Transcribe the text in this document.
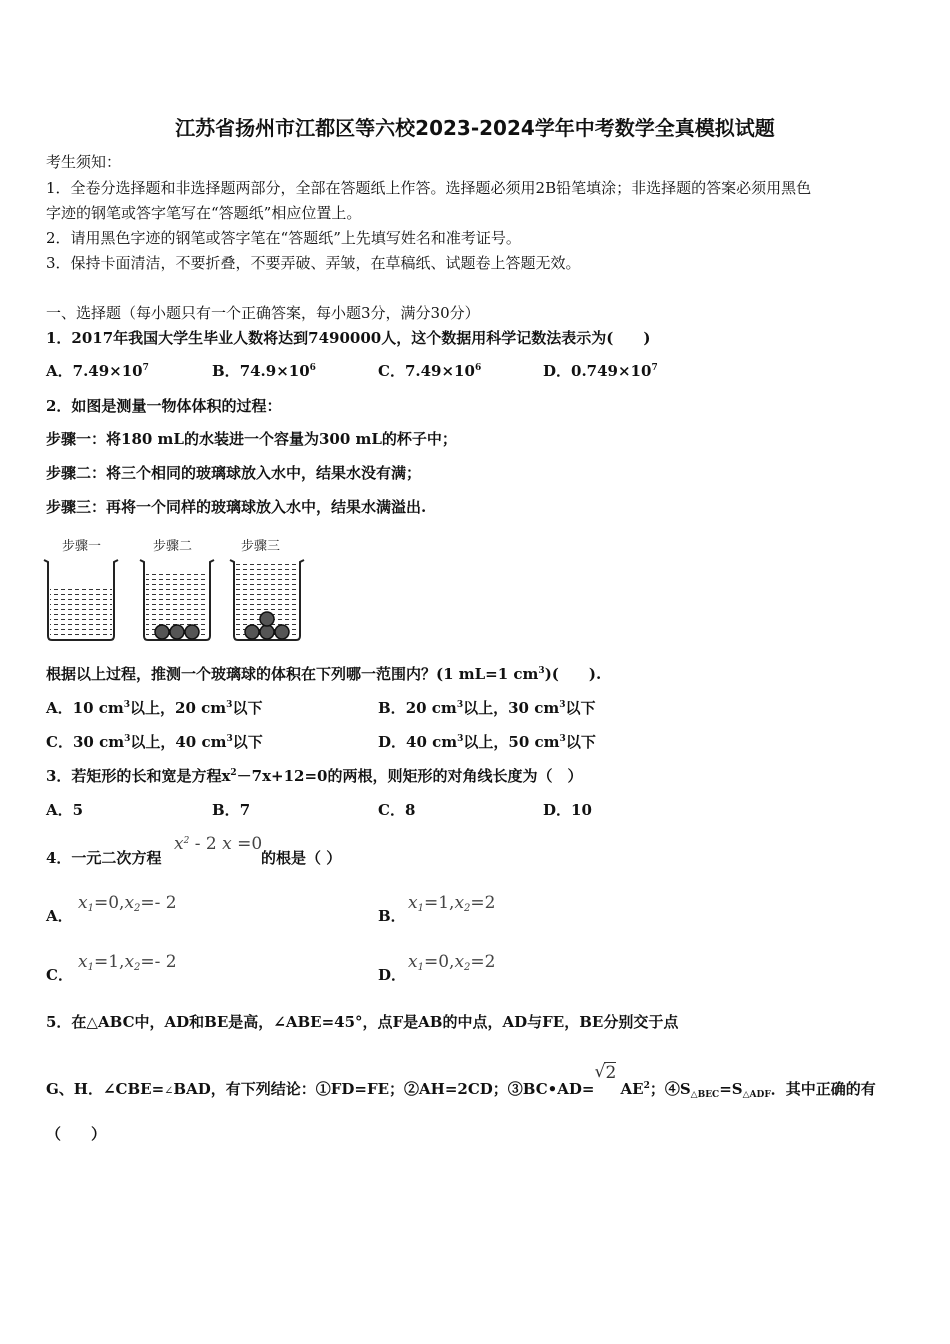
江苏省扬州市江都区等六校2023-2024学年中考数学全真模拟试题
考生须知：
1．全卷分选择题和非选择题两部分，全部在答题纸上作答。选择题必须用2B铅笔填涂；非选择题的答案必须用黑色
字迹的钢笔或答字笔写在“答题纸”相应位置上。
2．请用黑色字迹的钢笔或答字笔在“答题纸”上先填写姓名和准考证号。
3．保持卡面清洁，不要折叠，不要弄破、弄皱，在草稿纸、试题卷上答题无效。
一、选择题（每小题只有一个正确答案，每小题3分，满分30分）
1．2017年我国大学生毕业人数将达到7490000人，这个数据用科学记数法表示为(　　)
A．$7.49\times 10^7$	B．$74.9\times 10^6$	C．$7.49\times 10^6$	D．$0.749\times 10^7$
2．如图是测量一物体体积的过程：
步骤一：将180 mL的水装进一个容量为300 mL的杯子中；
步骤二：将三个相同的玻璃球放入水中，结果水没有满；
步骤三：再将一个同样的玻璃球放入水中，结果水满溢出.
步骤一	步骤二	步骤三
根据以上过程，推测一个玻璃球的体积在下列哪一范围内？(1 mL=1 $cm^3$)(　　).
A．10 $cm^3$以上，20 $cm^3$以下	B．20 $cm^3$以上，30 $cm^3$以下
C．30 $cm^3$以上，40 $cm^3$以下	D．40 $cm^3$以上，50 $cm^3$以下
3．若矩形的长和宽是方程$x^2-7x+12=0$的两根，则矩形的对角线长度为（　）
A．5	B．7	C．8	D．10
4．一元二次方程
$x^2 - 2$ x =0
的根是（ ）
A．
$x_1=0,x_2=-$ 2
B．
$x_1=1,x_2=2$
C．
$x_1=1,x_2=-$ 2
D．
$x_1=0,x_2=2$
5．在△ABC中，AD和BE是高，∠ABE=45°，点F是AB的中点，AD与FE，BE分别交于点
G、H．∠CBE=∠BAD，有下列结论：①FD=FE；②AH=2CD；③BC•AD=
√ 2
$AE^2$；$④S_{\triangle BEC}=S_{\triangle ADF}$．其中正确的有
（　　）
